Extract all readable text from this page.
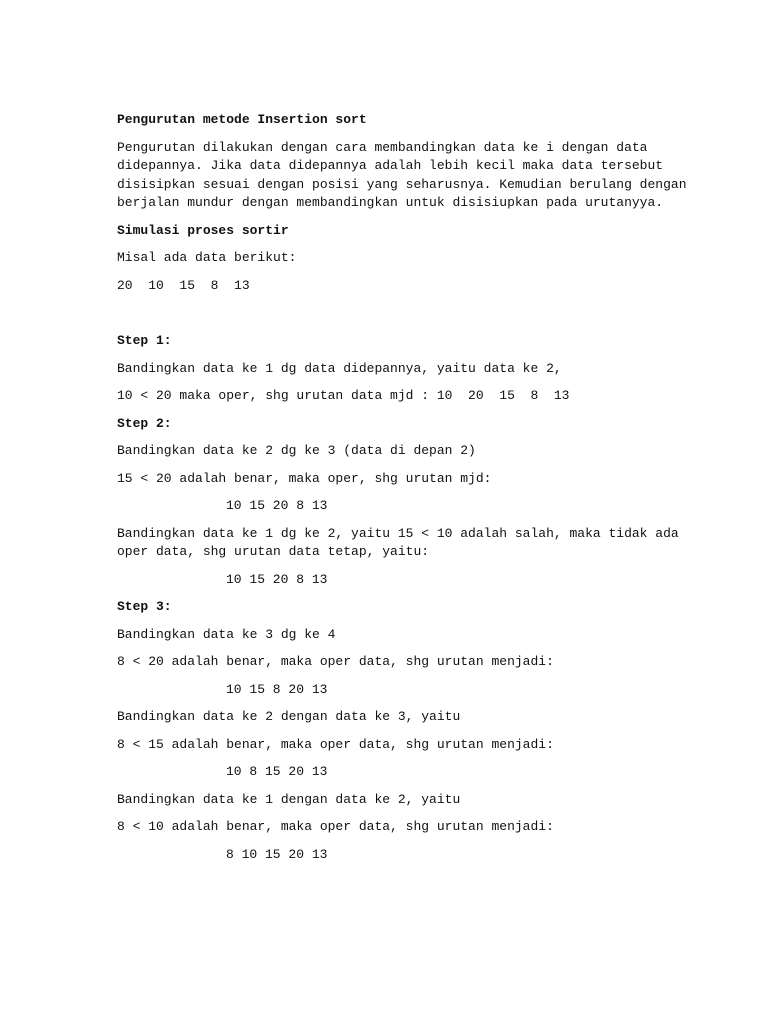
Pengurutan metode Insertion sort

Pengurutan dilakukan dengan cara membandingkan data ke i dengan data didepannya. Jika data didepannya adalah lebih kecil maka data tersebut disisipkan sesuai dengan posisi yang seharusnya. Kemudian berulang dengan berjalan mundur dengan membandingkan untuk disisiupkan pada urutanyya.

Simulasi proses sortir

Misal ada data berikut:

20  10  15  8  13

Step 1:

Bandingkan data ke 1 dg data didepannya, yaitu data ke 2,

10 < 20 maka oper, shg urutan data mjd : 10  20  15  8  13

Step 2:

Bandingkan data ke 2 dg ke 3 (data di depan 2)

15 < 20 adalah benar, maka oper, shg urutan mjd:

10 15 20 8 13

Bandingkan data ke 1 dg ke 2, yaitu 15 < 10 adalah salah, maka tidak ada oper data, shg urutan data tetap, yaitu:

10 15 20 8 13

Step 3:

Bandingkan data ke 3 dg ke 4

8 < 20 adalah benar, maka oper data, shg urutan menjadi:

10 15 8 20 13

Bandingkan data ke 2 dengan data ke 3, yaitu

8 < 15 adalah benar, maka oper data, shg urutan menjadi:

10 8 15 20 13

Bandingkan data ke 1 dengan data ke 2, yaitu

8 < 10 adalah benar, maka oper data, shg urutan menjadi:

8 10 15 20 13
